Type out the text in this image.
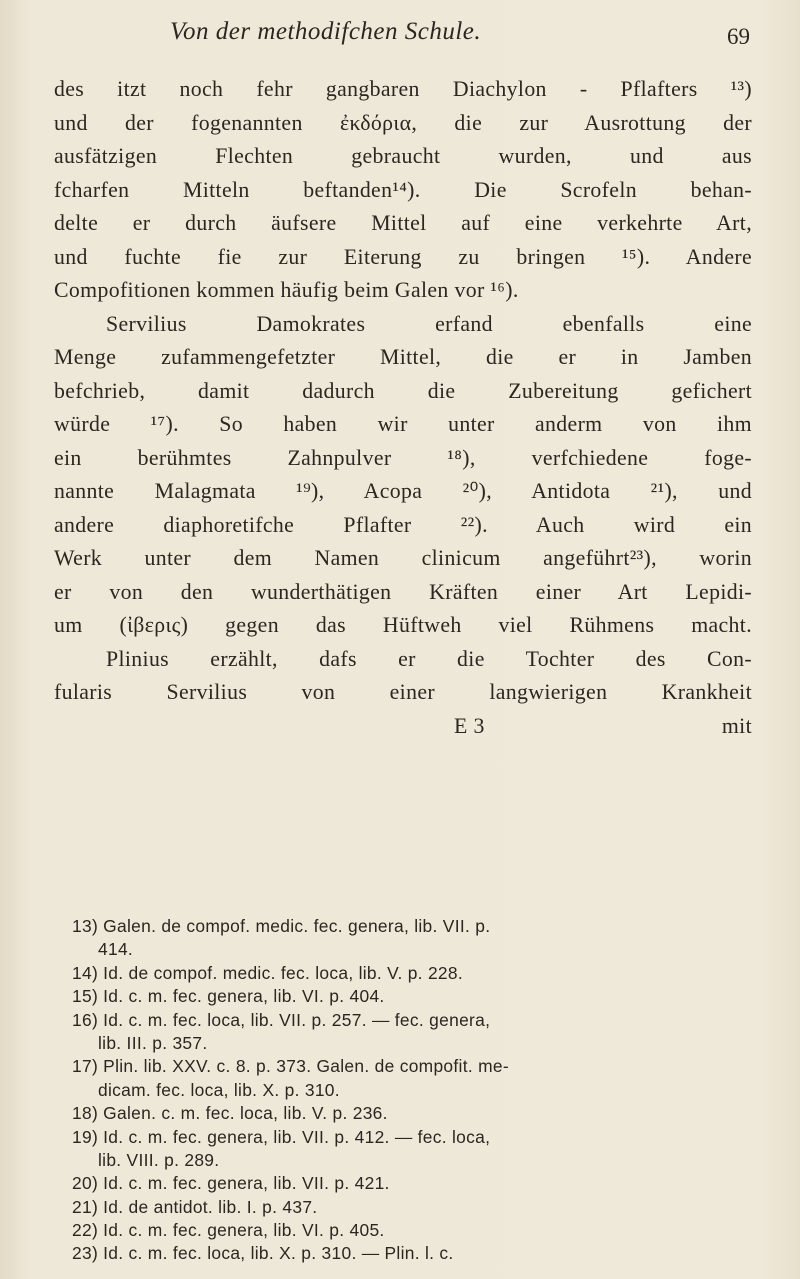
Von der methodifchen Schule.	69
des itzt noch fehr gangbaren Diachylon - Pflafters ¹³)
und der fogenannten ἐκδόρια, die zur Ausrottung der
ausfätzigen Flechten gebraucht wurden, und aus
fcharfen Mitteln beftanden¹⁴). Die Scrofeln behan-
delte er durch äufsere Mittel auf eine verkehrte Art,
und fuchte fie zur Eiterung zu bringen ¹⁵). Andere
Compofitionen kommen häufig beim Galen vor ¹⁶).
Servilius Damokrates erfand ebenfalls eine
Menge zufammengefetzter Mittel, die er in Jamben
befchrieb, damit dadurch die Zubereitung gefichert
würde ¹⁷). So haben wir unter anderm von ihm
ein berühmtes Zahnpulver ¹⁸), verfchiedene foge-
nannte Malagmata ¹⁹), Acopa ²⁰), Antidota ²¹), und
andere diaphoretifche Pflafter ²²). Auch wird ein
Werk unter dem Namen clinicum angeführt²³), worin
er von den wunderthätigen Kräften einer Art Lepidi-
um (ἰβερις) gegen das Hüftweh viel Rühmens macht.
Plinius erzählt, dafs er die Tochter des Con-
fularis Servilius von einer langwierigen Krankheit
E 3	mit
13) Galen. de compof. medic. fec. genera, lib. VII. p.
414.
14) Id. de compof. medic. fec. loca, lib. V. p. 228.
15) Id. c. m. fec. genera, lib. VI. p. 404.
16) Id. c. m. fec. loca, lib. VII. p. 257. — fec. genera,
lib. III. p. 357.
17) Plin. lib. XXV. c. 8. p. 373. Galen. de compofit. me-
dicam. fec. loca, lib. X. p. 310.
18) Galen. c. m. fec. loca, lib. V. p. 236.
19) Id. c. m. fec. genera, lib. VII. p. 412. — fec. loca,
lib. VIII. p. 289.
20) Id. c. m. fec. genera, lib. VII. p. 421.
21) Id. de antidot. lib. I. p. 437.
22) Id. c. m. fec. genera, lib. VI. p. 405.
23) Id. c. m. fec. loca, lib. X. p. 310. — Plin. l. c.
